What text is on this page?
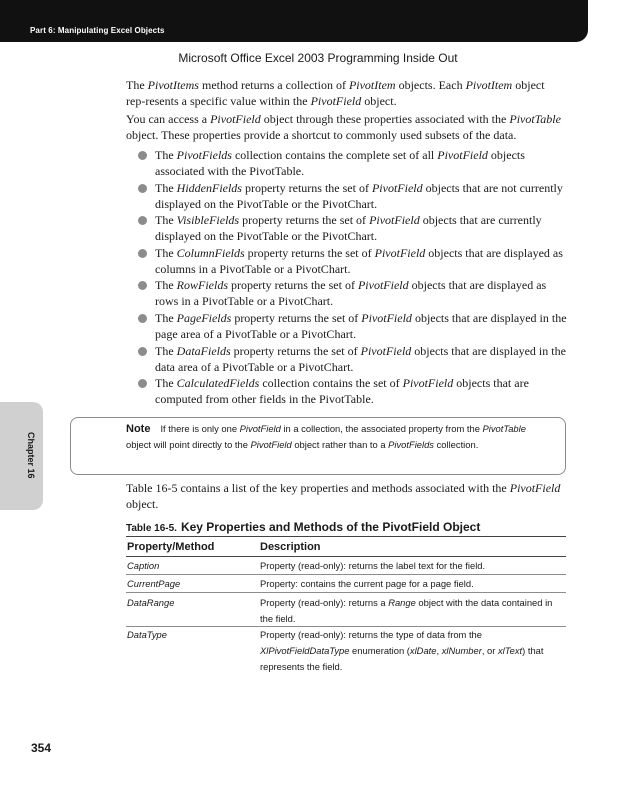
Part 6: Manipulating Excel Objects
Microsoft Office Excel 2003 Programming Inside Out
The PivotItems method returns a collection of PivotItem objects. Each PivotItem object rep-resents a specific value within the PivotField object.
You can access a PivotField object through these properties associated with the PivotTable object. These properties provide a shortcut to commonly used subsets of the data.
The PivotFields collection contains the complete set of all PivotField objects associated with the PivotTable.
The HiddenFields property returns the set of PivotField objects that are not currently displayed on the PivotTable or the PivotChart.
The VisibleFields property returns the set of PivotField objects that are currently displayed on the PivotTable or the PivotChart.
The ColumnFields property returns the set of PivotField objects that are displayed as columns in a PivotTable or a PivotChart.
The RowFields property returns the set of PivotField objects that are displayed as rows in a PivotTable or a PivotChart.
The PageFields property returns the set of PivotField objects that are displayed in the page area of a PivotTable or a PivotChart.
The DataFields property returns the set of PivotField objects that are displayed in the data area of a PivotTable or a PivotChart.
The CalculatedFields collection contains the set of PivotField objects that are computed from other fields in the PivotTable.
Chapter 16
Note If there is only one PivotField in a collection, the associated property from the PivotTable object will point directly to the PivotField object rather than to a PivotFields collection.
Table 16-5 contains a list of the key properties and methods associated with the PivotField object.
Table 16-5. Key Properties and Methods of the PivotField Object
Property/Method	Description
Caption	Property (read-only): returns the label text for the field.
CurrentPage	Property: contains the current page for a page field.
DataRange	Property (read-only): returns a Range object with the data contained in the field.
DataType	Property (read-only): returns the type of data from the XlPivotFieldDataType enumeration (xlDate, xlNumber, or xlText) that represents the field.
354
